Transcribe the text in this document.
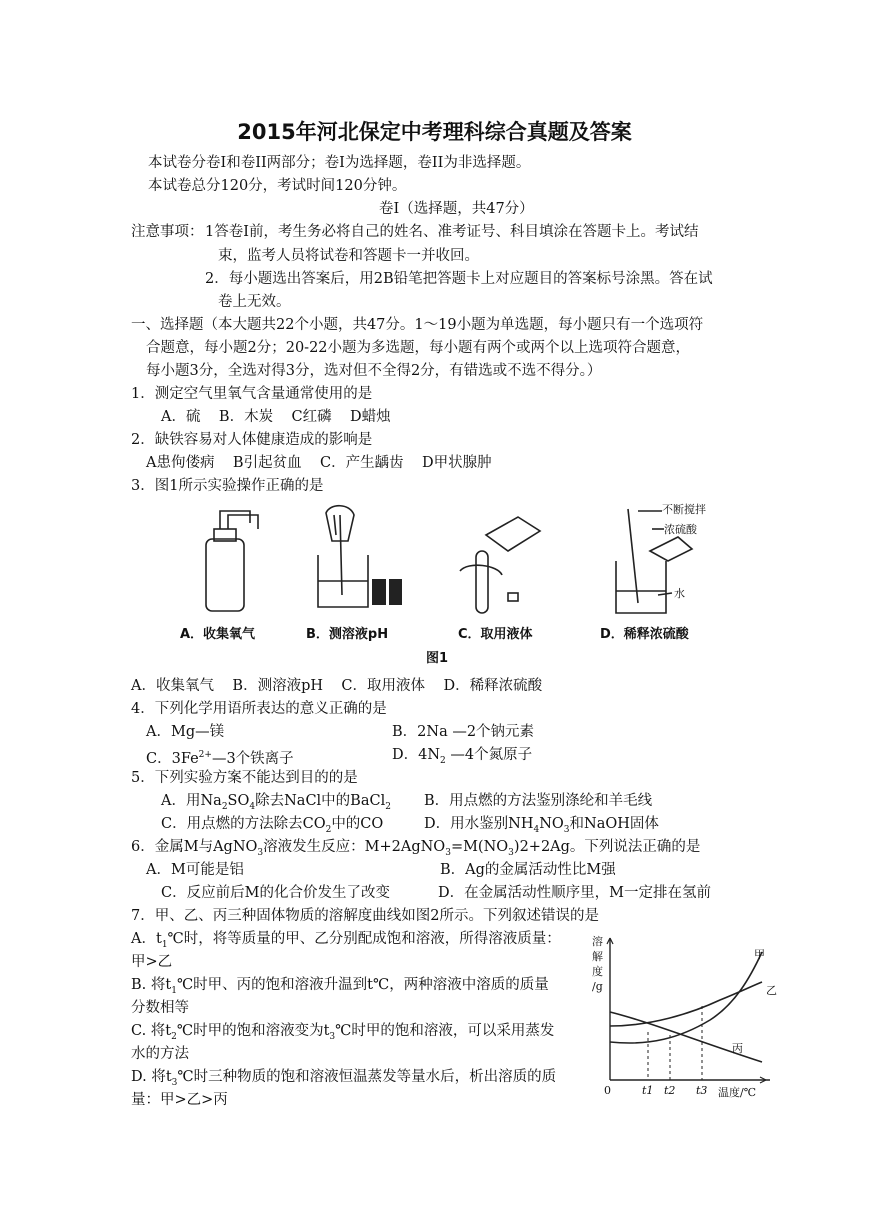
2015年河北保定中考理科综合真题及答案
本试卷分卷Ⅰ和卷II两部分；卷Ⅰ为选择题，卷II为非选择题。
本试卷总分120分，考试时间120分钟。
卷Ⅰ（选择题，共47分）
注意事项： 1答卷Ⅰ前，考生务必将自己的姓名、准考证号、科目填涂在答题卡上。考试结
束，监考人员将试卷和答题卡一并收回。
2．每小题选出答案后，用2B铅笔把答题卡上对应题目的答案标号涂黑。答在试
卷上无效。
一、选择题（本大题共22个小题，共47分。1～19小题为单选题，每小题只有一个选项符
合题意，每小题2分；20-22小题为多选题，每小题有两个或两个以上选项符合题意，
每小题3分，全选对得3分，选对但不全得2分，有错选或不选不得分。）
1．测定空气里氧气含量通常使用的是
A．硫    B．木炭    C红磷    D蜡烛
2．缺铁容易对人体健康造成的影响是
A患佝偻病    B引起贫血    C．产生龋齿    D甲状腺肿
3．图1所示实验操作正确的是
不断搅拌
浓硫酸
水
A．收集氧气	B．测溶液pH	C．取用液体	D．稀释浓硫酸
图1
A．收集氧气    B．测溶液pH    C．取用液体    D．稀释浓硫酸
4．下列化学用语所表达的意义正确的是
A．Mg—镁	B．2Na —2个钠元素
C．$3Fe^{2+}—3$个铁离子	D．$4N_2$ —4个氮原子
5．下列实验方案不能达到目的的是
A．用$Na_2SO_4$除去NaCl中的BaCl$_2$ B．用点燃的方法鉴别涤纶和羊毛线
C．用点燃的方法除去$CO_2$中的CO	D．用水鉴别$NH_4NO_3$和NaOH固体
6．金属M与AgNO$_3$溶液发生反应：$M+2AgNO_3=M(NO_3)2+2Ag$。下列说法正确的是
A．M可能是铝	B．Ag的金属活动性比M强
C．反应前后M的化合价发生了改变	D．在金属活动性顺序里，M一定排在氢前
7．甲、乙、丙三种固体物质的溶解度曲线如图2所示。下列叙述错误的是
A．$t_1℃$时，将等质量的甲、乙分别配成饱和溶液，所得溶液质量：
甲>乙
B. 将$t_1℃$时甲、丙的饱和溶液升温到t℃，两种溶液中溶质的质量
分数相等
C. 将$t_2℃$时甲的饱和溶液变为$t_3℃$时甲的饱和溶液，可以采用蒸发
水的方法
D. 将$t_3℃$时三种物质的饱和溶液恒温蒸发等量水后，析出溶质的质
量：甲>乙>丙
溶
解
度
/g
甲
乙
丙
0	t1 t2 t3 温度/℃
